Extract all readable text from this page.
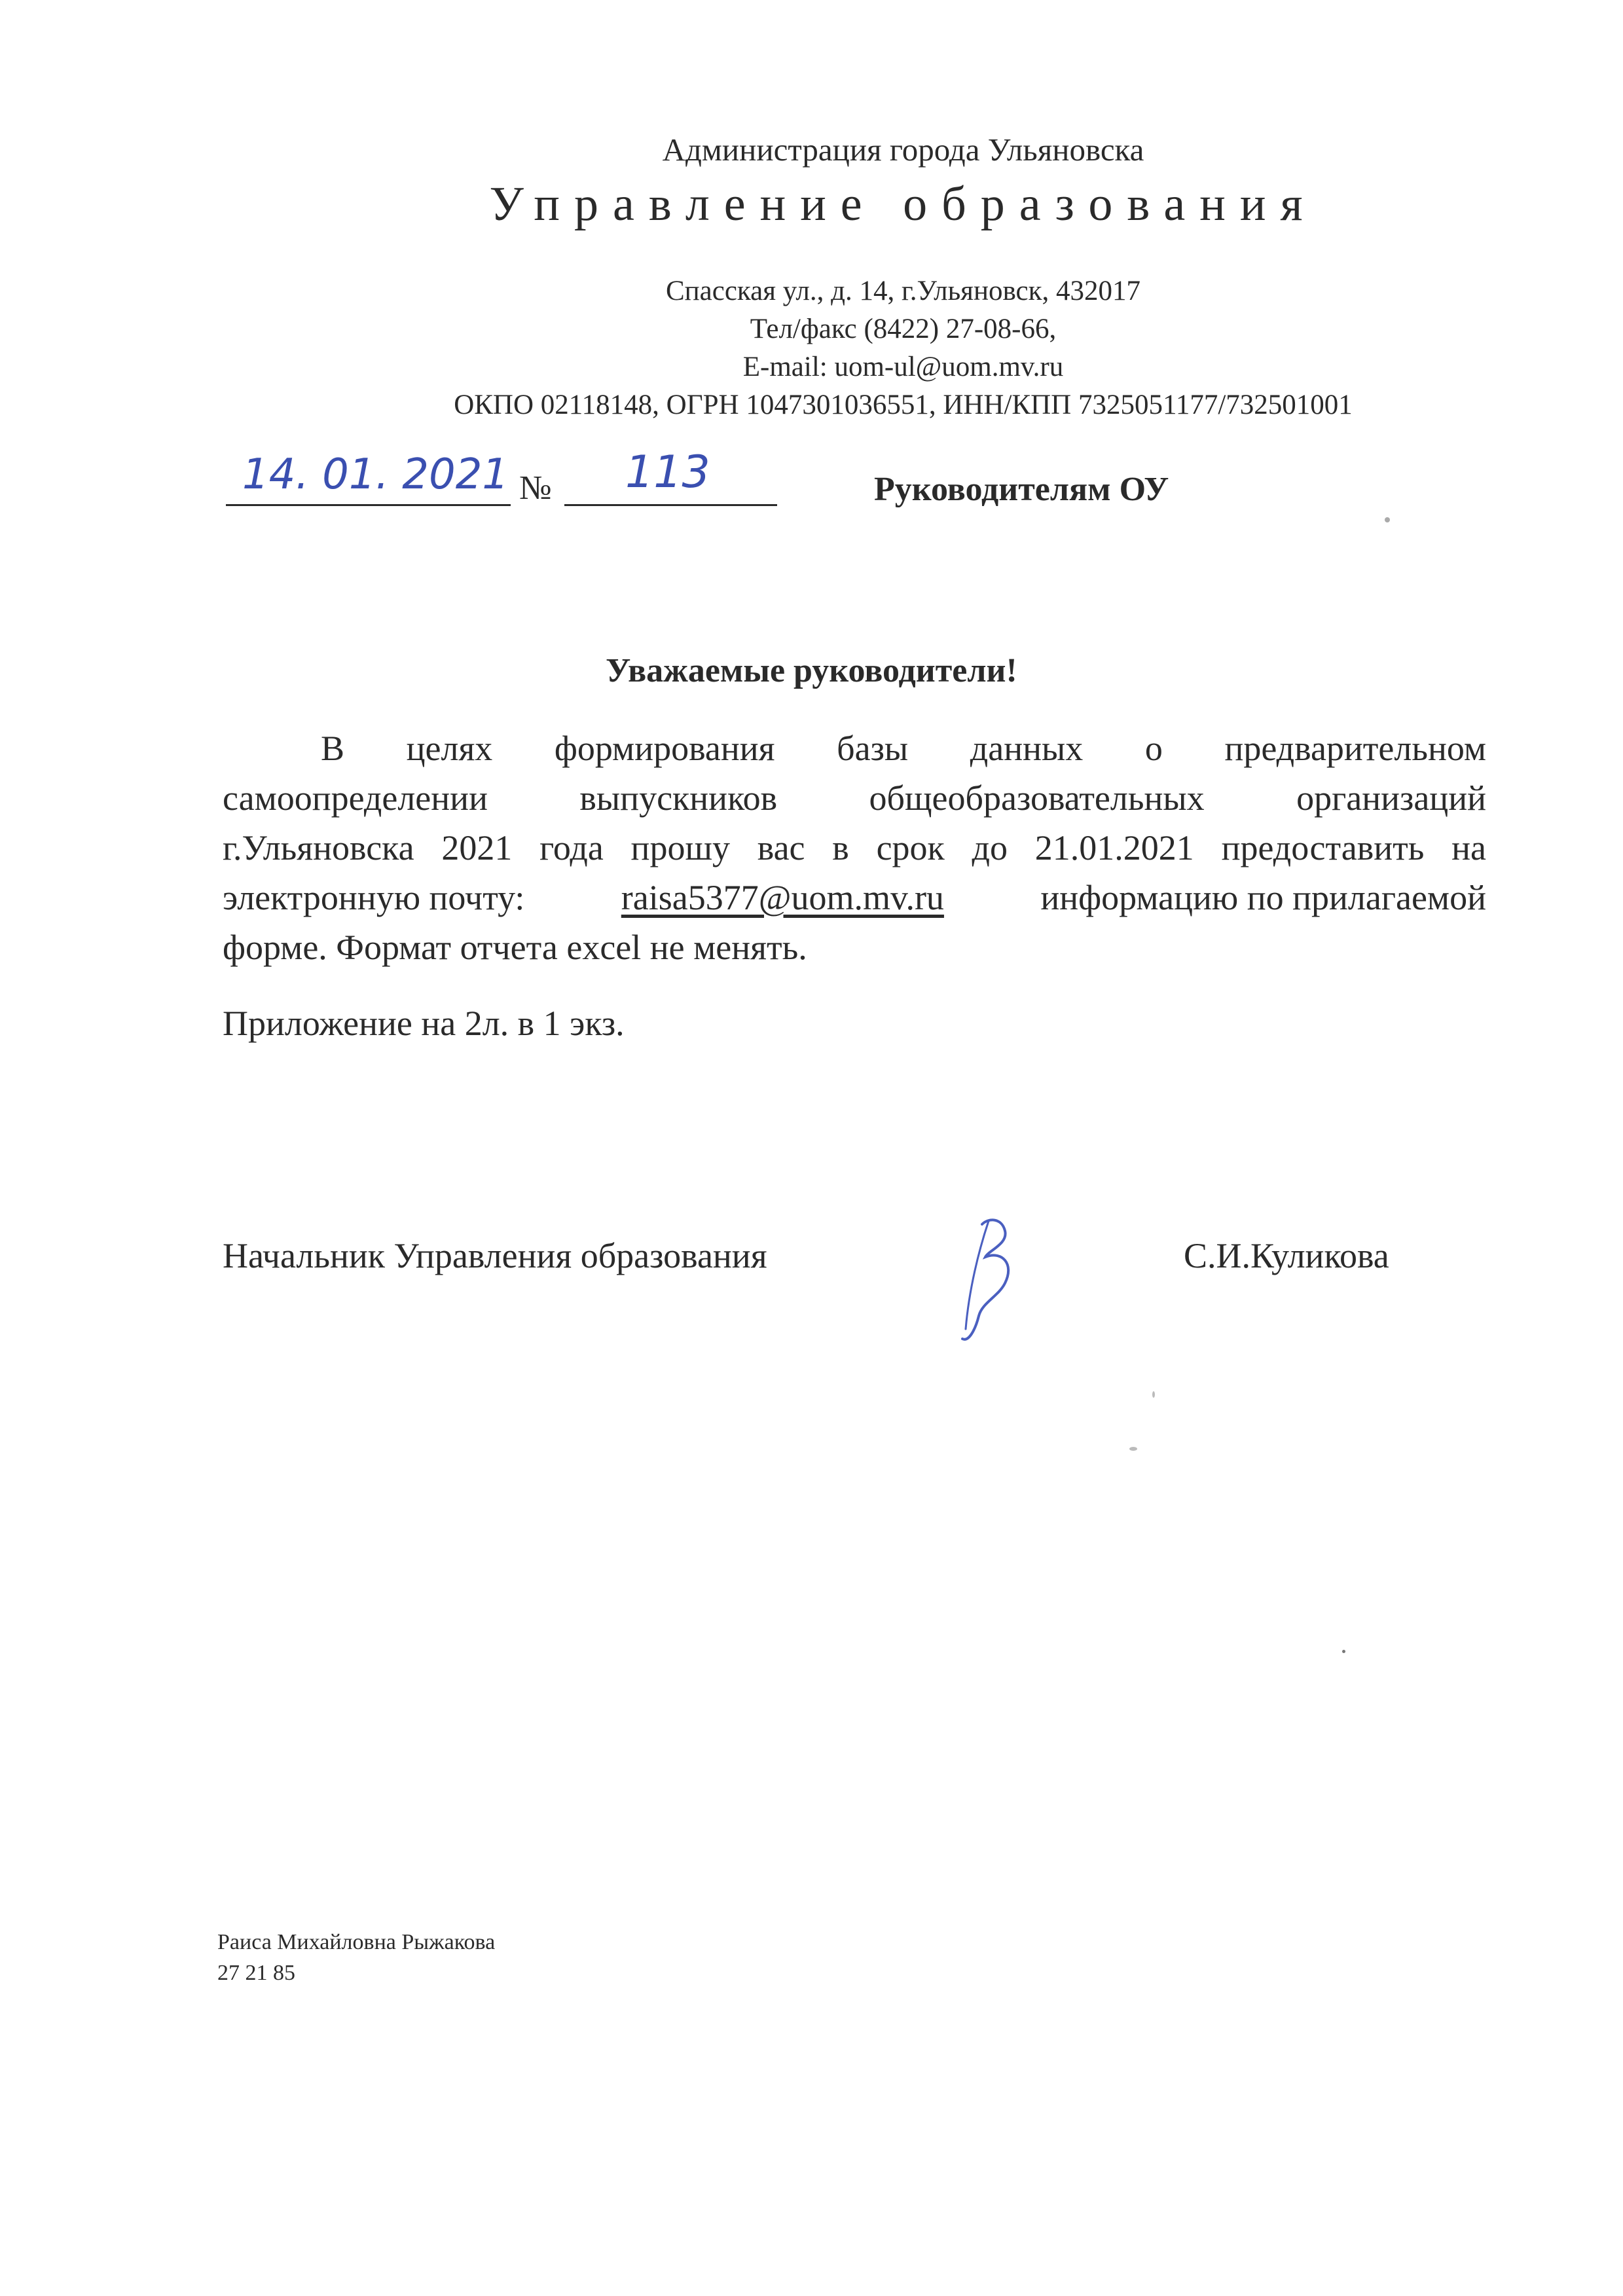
Администрация города Ульяновска
Управление образования
Спасская ул., д. 14, г.Ульяновск, 432017
Тел/факс (8422) 27-08-66,
E-mail: uom-ul@uom.mv.ru
ОКПО 02118148, ОГРН 1047301036551, ИНН/КПП 7325051177/732501001
14. 01. 2021 № 113	Руководителям ОУ
Уважаемые руководители!
В целях формирования базы данных о предварительном
самоопределении выпускников общеобразовательных организаций
г.Ульяновска 2021 года прошу вас в срок до 21.01.2021 предоставить на
электронную почту:	raisa5377@uom.mv.ru	информацию по прилагаемой
форме. Формат отчета excel не менять.
Приложение на 2л. в 1 экз.
Начальник Управления образования	С.И.Куликова
Раиса Михайловна Рыжакова
27 21 85
